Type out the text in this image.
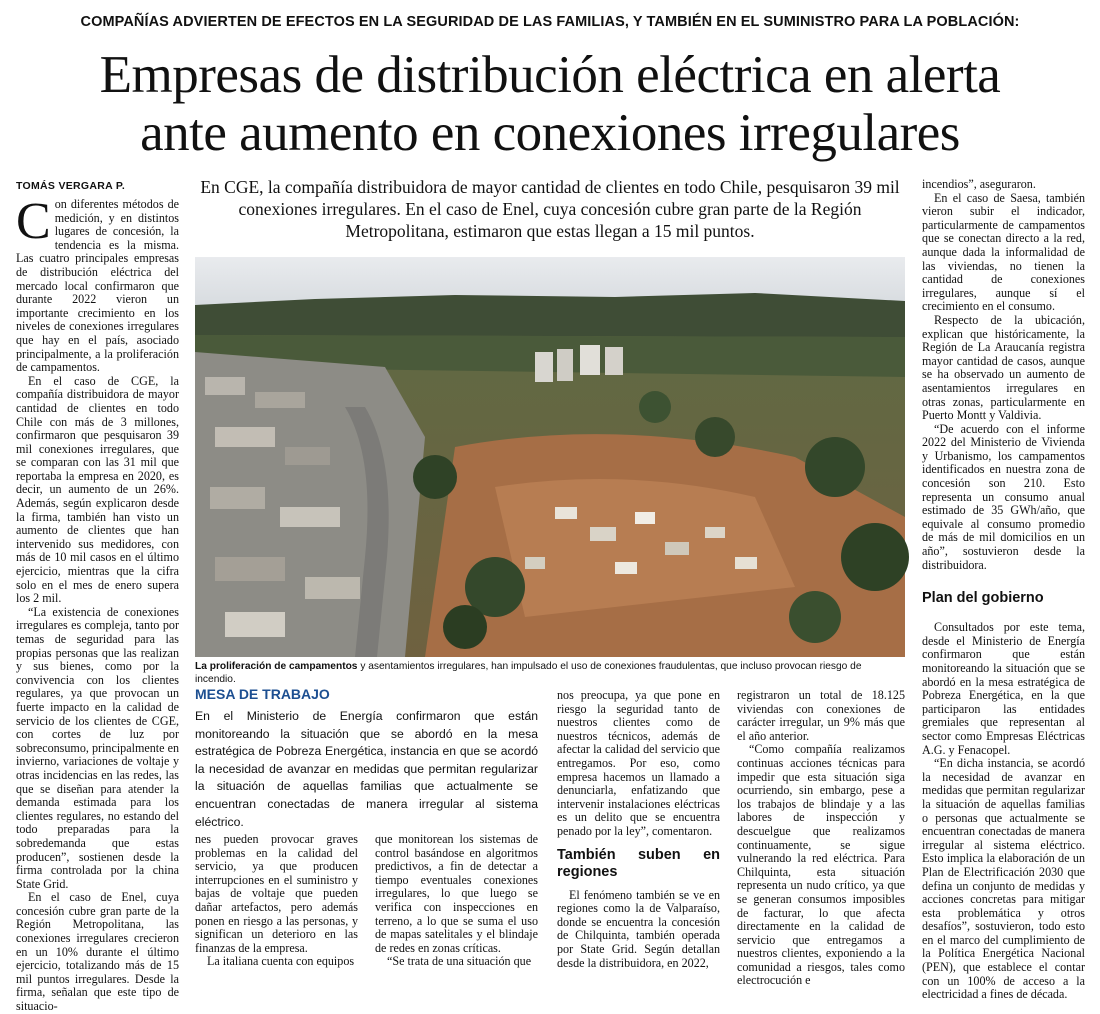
COMPAÑÍAS ADVIERTEN DE EFECTOS EN LA SEGURIDAD DE LAS FAMILIAS, Y TAMBIÉN EN EL SUMINISTRO PARA LA POBLACIÓN:
Empresas de distribución eléctrica en alerta
ante aumento en conexiones irregulares
TOMÁS VERGARA P.	En CGE, la compañía distribuidora de mayor cantidad de clientes en todo Chile, pesquisaron 39 mil conexiones irregulares. En el caso de Enel, cuya concesión cubre gran parte de la Región Metropolitana, estimaron que estas llegan a 15 mil puntos.

Con diferentes métodos de medición, y en distintos lugares de concesión, la tendencia es la misma. Las cuatro principales empresas de distribución eléctrica del mercado local confirmaron que durante 2022 vieron un importante crecimiento en los niveles de conexiones irregulares que hay en el país, asociado principalmente, a la proliferación de campamentos.

En el caso de CGE, la compañía distribuidora de mayor cantidad de clientes en todo Chile con más de 3 millones, confirmaron que pesquisaron 39 mil conexiones irregulares, que se comparan con las 31 mil que reportaba la empresa en 2020, es decir, un aumento de un 26%. Además, según explicaron desde la firma, también han visto un aumento de clientes que han intervenido sus medidores, con más de 10 mil casos en el último ejercicio, mientras que la cifra solo en el mes de enero supera los 2 mil.

“La existencia de conexiones irregulares es compleja, tanto por temas de seguridad para las propias personas que las realizan y sus bienes, como por la convivencia con los clientes regulares, ya que provocan un fuerte impacto en la calidad de servicio de los clientes de CGE, con cortes de luz por sobreconsumo, principalmente en invierno, variaciones de voltaje y otras incidencias en las redes, las que se diseñan para atender la demanda estimada para los clientes regulares, no estando del todo preparadas para la sobredemanda que estas producen”, sostienen desde la firma controlada por la china State Grid.

En el caso de Enel, cuya concesión cubre gran parte de la Región Metropolitana, las conexiones irregulares crecieron en un 10% durante el último ejercicio, totalizando más de 15 mil puntos irregulares. Desde la firma, señalan que este tipo de situacio-

La proliferación de campamentos y asentamientos irregulares, han impulsado el uso de conexiones fraudulentas, que incluso provocan riesgo de incendio.
MESA DE TRABAJO
En el Ministerio de Energía confirmaron que están monitoreando la situación que se abordó en la mesa estratégica de Pobreza Energética, instancia en que se acordó la necesidad de avanzar en medidas que permitan regularizar la situación de aquellas familias que actualmente se encuentran conectadas de manera irregular al sistema eléctrico.

nes pueden provocar graves problemas en la calidad del servicio, ya que producen interrupciones en el suministro y bajas de voltaje que pueden dañar artefactos, pero además ponen en riesgo a las personas, y significan un deterioro en las finanzas de la empresa.

La italiana cuenta con equipos

que monitorean los sistemas de control basándose en algoritmos predictivos, a fin de detectar a tiempo eventuales conexiones irregulares, lo que luego se verifica con inspecciones en terreno, a lo que se suma el uso de mapas satelitales y el blindaje de redes en zonas críticas.

“Se trata de una situación que

nos preocupa, ya que pone en riesgo la seguridad tanto de nuestros clientes como de nuestros técnicos, además de afectar la calidad del servicio que entregamos. Por eso, como empresa hacemos un llamado a denunciarla, enfatizando que intervenir instalaciones eléctricas es un delito que se encuentra penado por la ley”, comentaron.

También suben en regiones

El fenómeno también se ve en regiones como la de Valparaíso, donde se encuentra la concesión de Chilquinta, también operada por State Grid. Según detallan desde la distribuidora, en 2022,

registraron un total de 18.125 viviendas con conexiones de carácter irregular, un 9% más que el año anterior.

“Como compañía realizamos continuas acciones técnicas para impedir que esta situación siga ocurriendo, sin embargo, pese a los trabajos de blindaje y a las labores de inspección y descuelgue que realizamos continuamente, se sigue vulnerando la red eléctrica. Para Chilquinta, esta situación representa un nudo crítico, ya que se generan consumos imposibles de facturar, lo que afecta directamente en la calidad de servicio que entregamos a nuestros clientes, exponiendo a la comunidad a riesgos, tales como electrocución e

incendios”, aseguraron.

En el caso de Saesa, también vieron subir el indicador, particularmente de campamentos que se conectan directo a la red, aunque dada la informalidad de las viviendas, no tienen la cantidad de conexiones irregulares, aunque sí el crecimiento en el consumo.

Respecto de la ubicación, explican que históricamente, la Región de La Araucanía registra mayor cantidad de casos, aunque se ha observado un aumento de asentamientos irregulares en otras zonas, particularmente en Puerto Montt y Valdivia.

“De acuerdo con el informe 2022 del Ministerio de Vivienda y Urbanismo, los campamentos identificados en nuestra zona de concesión son 210. Esto representa un consumo anual estimado de 35 GWh/año, que equivale al consumo promedio de más de mil domicilios en un año”, sostuvieron desde la distribuidora.

Plan del gobierno

Consultados por este tema, desde el Ministerio de Energía confirmaron que están monitoreando la situación que se abordó en la mesa estratégica de Pobreza Energética, en la que participaron las entidades gremiales que representan al sector como Empresas Eléctricas A.G. y Fenacopel.

“En dicha instancia, se acordó la necesidad de avanzar en medidas que permitan regularizar la situación de aquellas familias o personas que actualmente se encuentran conectadas de manera irregular al sistema eléctrico. Esto implica la elaboración de un Plan de Electrificación 2030 que defina un conjunto de medidas y acciones concretas para mitigar esta problemática y otros desafíos”, sostuvieron, todo esto en el marco del cumplimiento de la Política Energética Nacional (PEN), que establece el contar con un 100% de acceso a la electricidad a fines de década.
